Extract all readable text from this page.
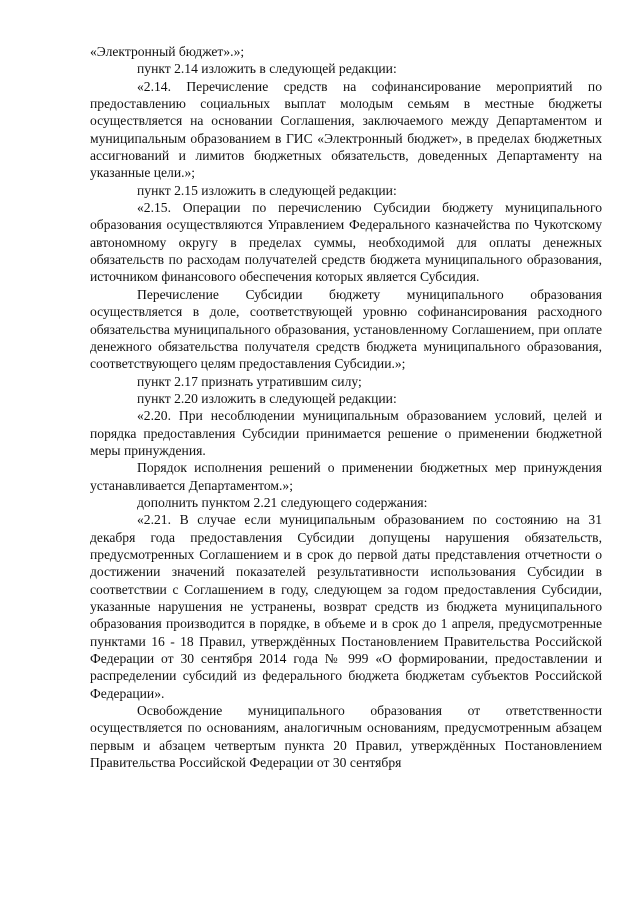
«Электронный бюджет».»;

пункт 2.14 изложить в следующей редакции:

«2.14. Перечисление средств на софинансирование мероприятий по предоставлению социальных выплат молодым семьям в местные бюджеты осуществляется на основании Соглашения, заключаемого между Департаментом и муниципальным образованием в ГИС «Электронный бюджет», в пределах бюджетных ассигнований и лимитов бюджетных обязательств, доведенных Департаменту на указанные цели.»;

пункт 2.15 изложить в следующей редакции:

«2.15. Операции по перечислению Субсидии бюджету муниципального образования осуществляются Управлением Федерального казначейства по Чукотскому автономному округу в пределах суммы, необходимой для оплаты денежных обязательств по расходам получателей средств бюджета муниципального образования, источником финансового обеспечения которых является Субсидия.

Перечисление Субсидии бюджету муниципального образования осуществляется в доле, соответствующей уровню софинансирования расходного обязательства муниципального образования, установленному Соглашением, при оплате денежного обязательства получателя средств бюджета муниципального образования, соответствующего целям предоставления Субсидии.»;

пункт 2.17 признать утратившим силу;

пункт 2.20 изложить в следующей редакции:

«2.20. При несоблюдении муниципальным образованием условий, целей и порядка предоставления Субсидии принимается решение о применении бюджетной меры принуждения.

Порядок исполнения решений о применении бюджетных мер принуждения устанавливается Департаментом.»;

дополнить пунктом 2.21 следующего содержания:

«2.21. В случае если муниципальным образованием по состоянию на 31 декабря года предоставления Субсидии допущены нарушения обязательств, предусмотренных Соглашением и в срок до первой даты представления отчетности о достижении значений показателей результативности использования Субсидии в соответствии с Соглашением в году, следующем за годом предоставления Субсидии, указанные нарушения не устранены, возврат средств из бюджета муниципального образования производится в порядке, в объеме и в срок до 1 апреля, предусмотренные пунктами 16 - 18 Правил, утверждённых Постановлением Правительства Российской Федерации от 30 сентября 2014 года № 999 «О формировании, предоставлении и распределении субсидий из федерального бюджета бюджетам субъектов Российской Федерации».

Освобождение муниципального образования от ответственности осуществляется по основаниям, аналогичным основаниям, предусмотренным абзацем первым и абзацем четвертым пункта 20 Правил, утверждённых Постановлением Правительства Российской Федерации от 30 сентября
